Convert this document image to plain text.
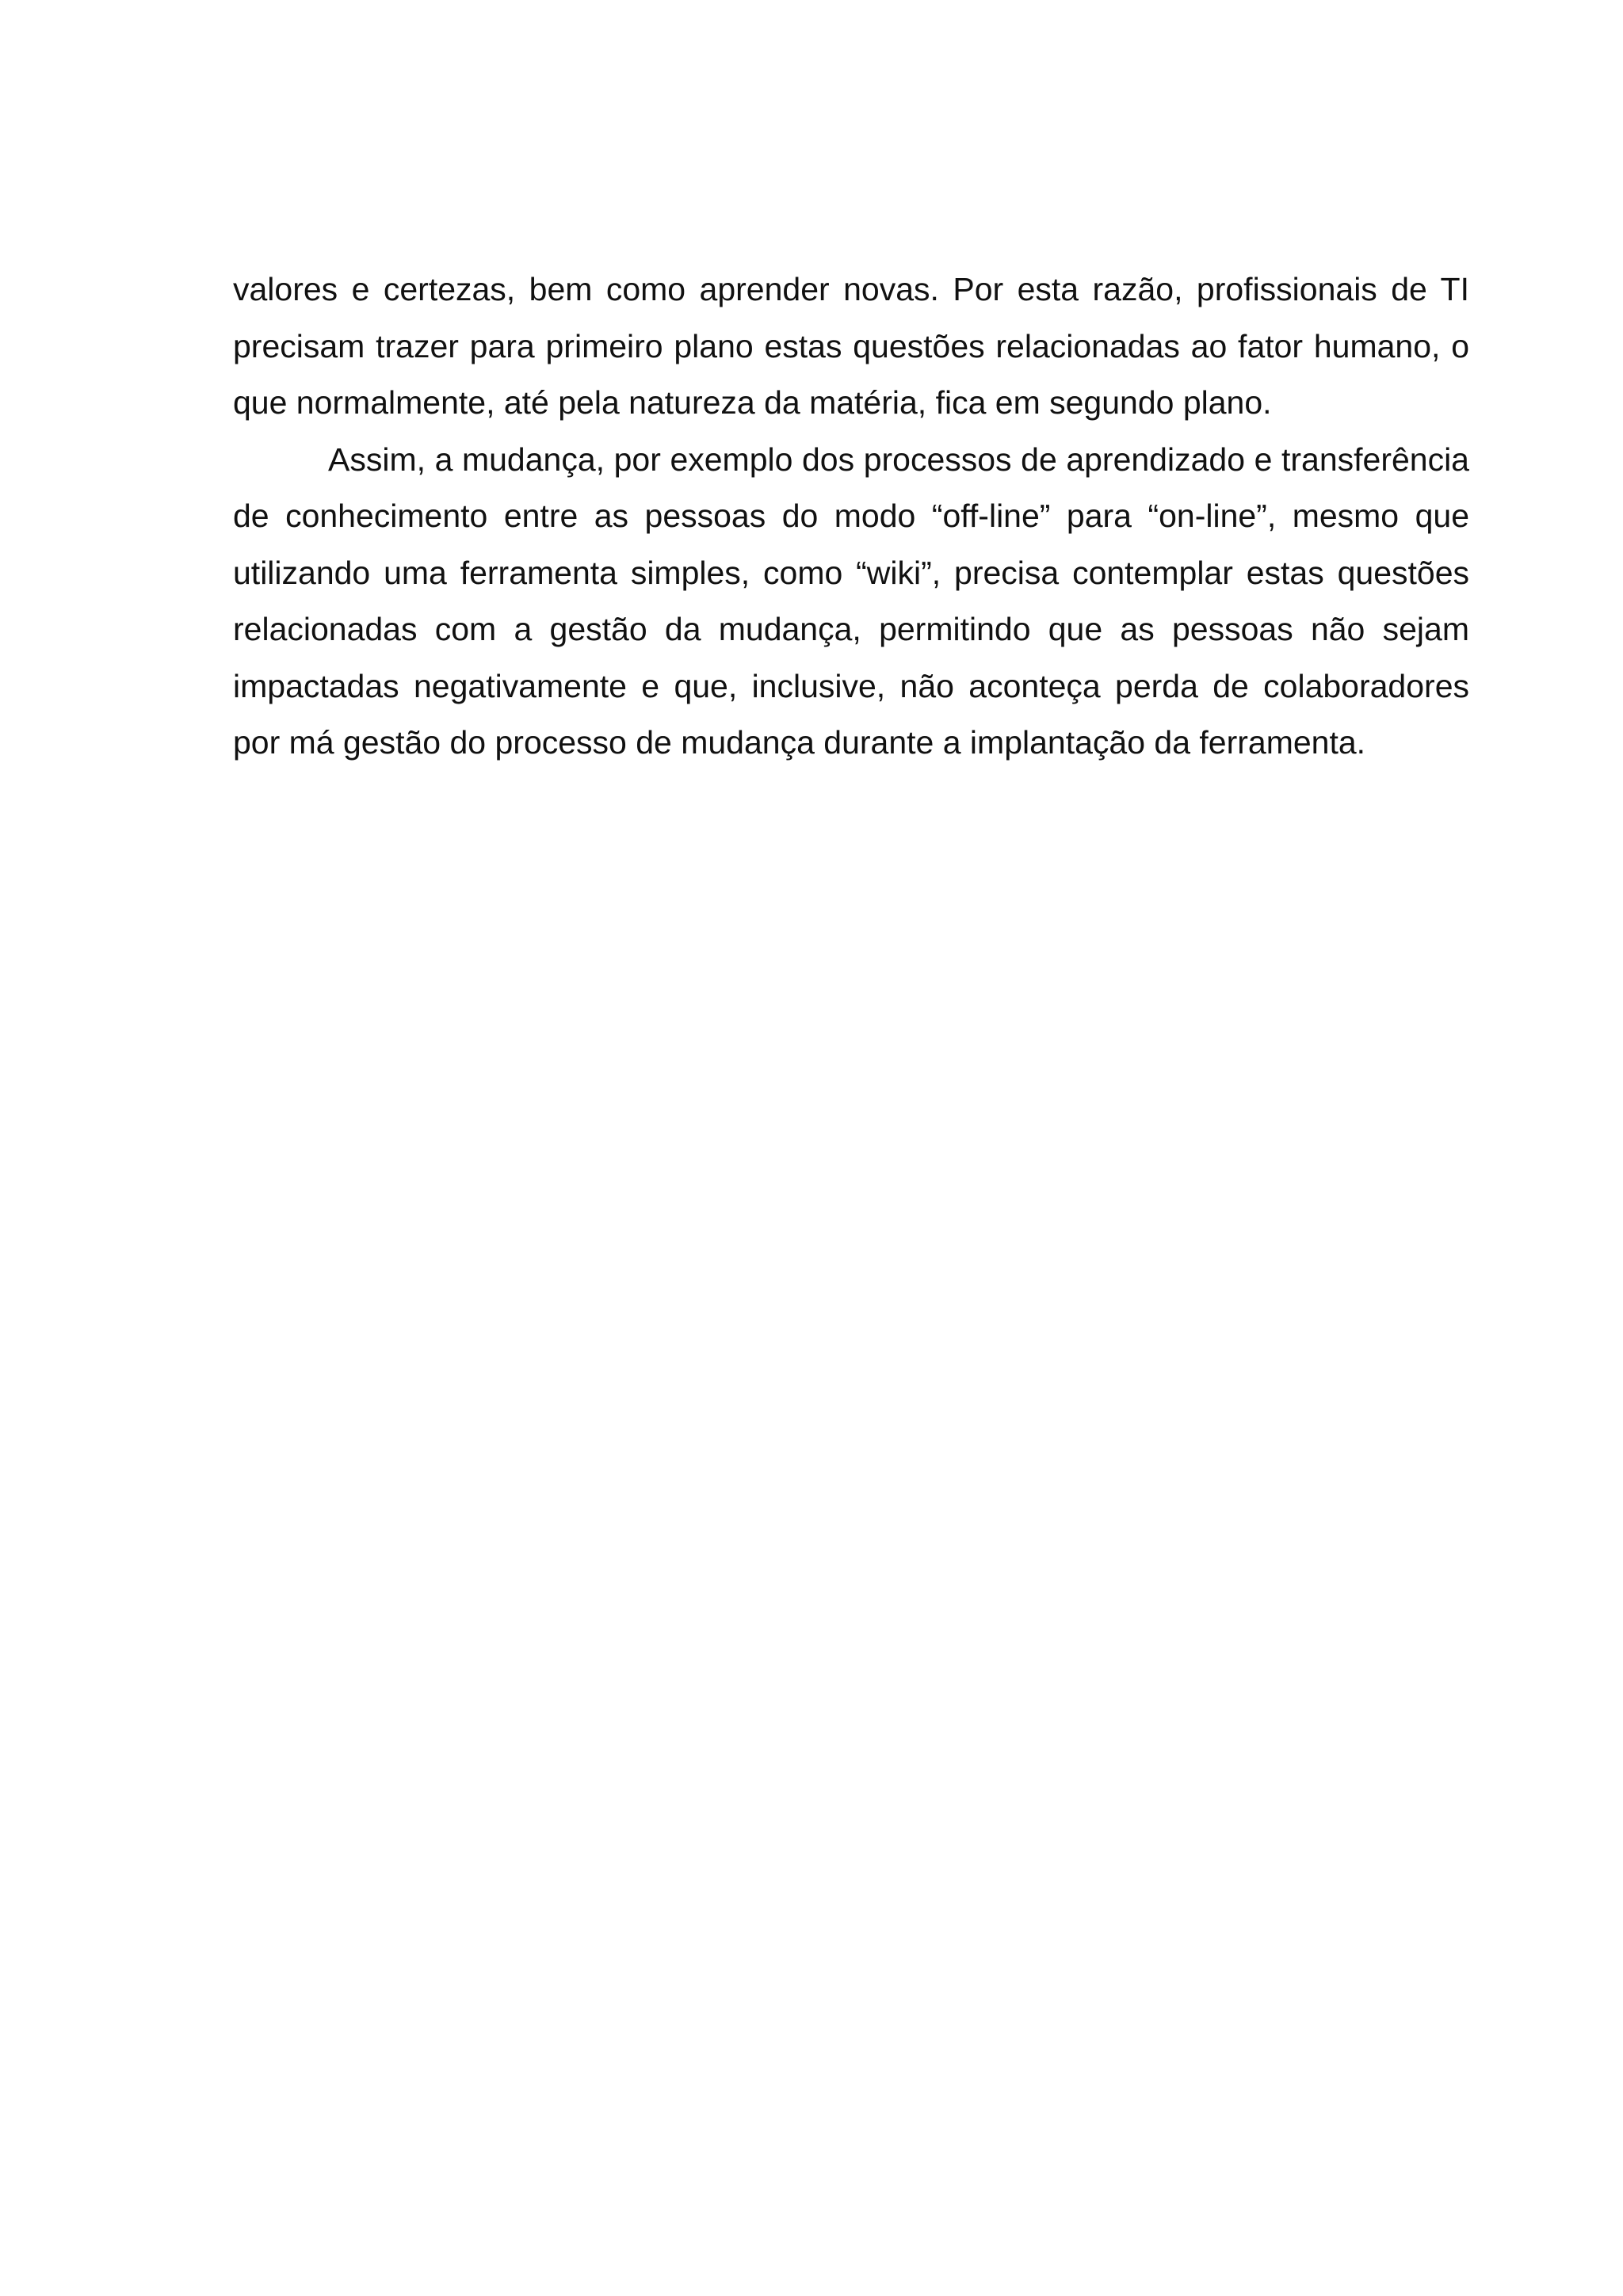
valores e certezas, bem como aprender novas. Por esta razão, profissionais de TI precisam trazer para primeiro plano estas questões relacionadas ao fator humano, o que normalmente, até pela natureza da matéria, fica em segundo plano.

Assim, a mudança, por exemplo dos processos de aprendizado e transferência de conhecimento entre as pessoas do modo “off-line” para “on-line”, mesmo que utilizando uma ferramenta simples, como “wiki”, precisa contemplar estas questões relacionadas com a gestão da mudança, permitindo que as pessoas não sejam impactadas negativamente e que, inclusive, não aconteça perda de colaboradores por má gestão do processo de mudança durante a implantação da ferramenta.
